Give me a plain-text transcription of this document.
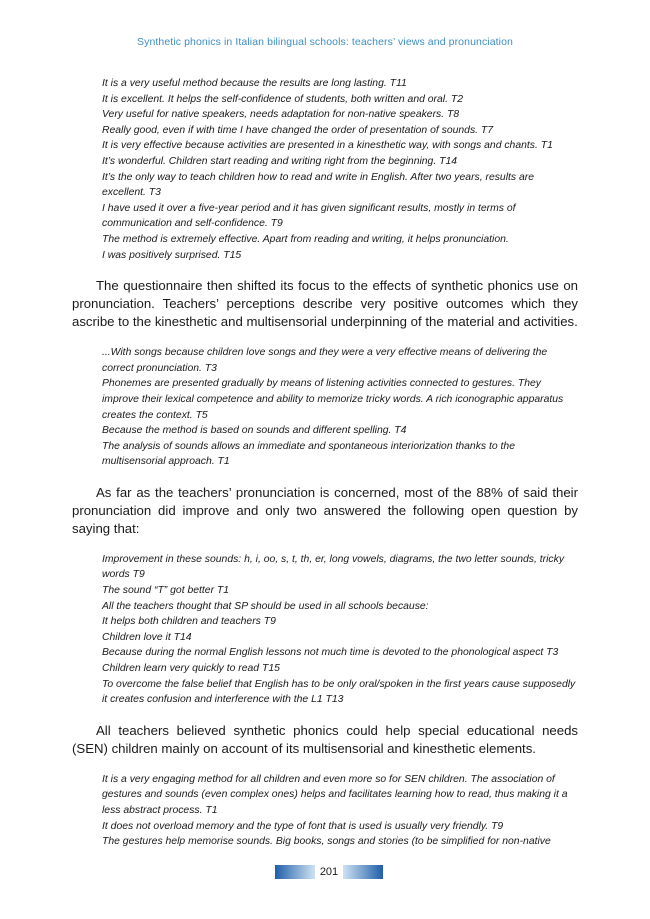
Synthetic phonics in Italian bilingual schools: teachers’ views and pronunciation

It is a very useful method because the results are long lasting. T11

It is excellent. It helps the self-confidence of students, both written and oral. T2

Very useful for native speakers, needs adaptation for non-native speakers. T8

Really good, even if with time I have changed the order of presentation of sounds. T7

It is very effective because activities are presented in a kinesthetic way, with songs and chants. T1

It’s wonderful. Children start reading and writing right from the beginning. T14

It’s the only way to teach children how to read and write in English. After two years, results are excellent. T3

I have used it over a five-year period and it has given significant results, mostly in terms of communication and self-confidence. T9

The method is extremely effective. Apart from reading and writing, it helps pronunciation.

I was positively surprised. T15

The questionnaire then shifted its focus to the effects of synthetic phonics use on pronunciation. Teachers’ perceptions describe very positive outcomes which they ascribe to the kinesthetic and multisensorial underpinning of the material and activities.

...With songs because children love songs and they were a very effective means of delivering the correct pronunciation. T3

Phonemes are presented gradually by means of listening activities connected to gestures. They improve their lexical competence and ability to memorize tricky words. A rich iconographic apparatus creates the context. T5

Because the method is based on sounds and different spelling. T4

The analysis of sounds allows an immediate and spontaneous interiorization thanks to the multisensorial approach. T1

As far as the teachers’ pronunciation is concerned, most of the 88% of said their pronunciation did improve and only two answered the following open question by saying that:

Improvement in these sounds: h, i, oo, s, t, th, er, long vowels, diagrams, the two letter sounds, tricky words T9

The sound “T” got better T1

All the teachers thought that SP should be used in all schools because:

It helps both children and teachers T9

Children love it T14

Because during the normal English lessons not much time is devoted to the phonological aspect T3

Children learn very quickly to read T15

To overcome the false belief that English has to be only oral/spoken in the first years cause supposedly it creates confusion and interference with the L1 T13

All teachers believed synthetic phonics could help special educational needs (SEN) children mainly on account of its multisensorial and kinesthetic elements.

It is a very engaging method for all children and even more so for SEN children. The association of gestures and sounds (even complex ones) helps and facilitates learning how to read, thus making it a less abstract process. T1

It does not overload memory and the type of font that is used is usually very friendly. T9

The gestures help memorise sounds. Big books, songs and stories (to be simplified for non-native

201
